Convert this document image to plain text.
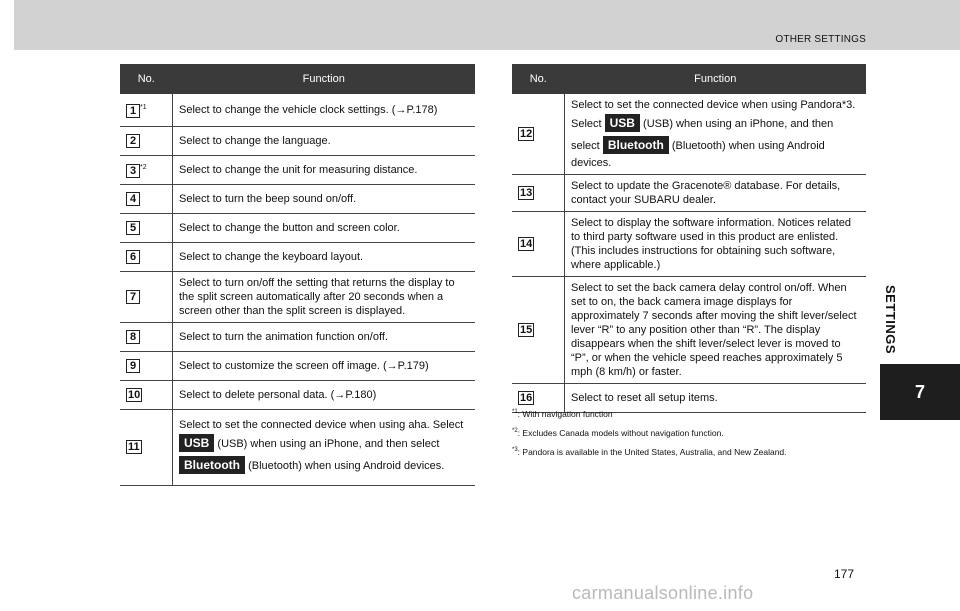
OTHER SETTINGS
SETTINGS
7
No.	Function
1 $^{*1}$	Select to change the vehicle clock settings. (→P.178)
2	Select to change the language.
3 $^{*2}$	Select to change the unit for measuring distance.
4	Select to turn the beep sound on/off.
5	Select to change the button and screen color.
6	Select to change the keyboard layout.
7	Select to turn on/off the setting that returns the display to the split screen automatically after 20 seconds when a screen other than the split screen is displayed.
8	Select to turn the animation function on/off.
9	Select to customize the screen off image. (→P.179)
10	Select to delete personal data. (→P.180)
11	Select to set the connected device when using aha. Select USB (USB) when using an iPhone, and then select Bluetooth (Bluetooth) when using Android devices.
No.	Function
12	Select to set the connected device when using Pandora*3. Select USB (USB) when using an iPhone, and then select Bluetooth (Bluetooth) when using Android devices.
13	Select to update the Gracenote® database. For details, contact your SUBARU dealer.
14	Select to display the software information. Notices related to third party software used in this product are enlisted. (This includes instructions for obtaining such software, where applicable.)
15	Select to set the back camera delay control on/off. When set to on, the back camera image displays for approximately 7 seconds after moving the shift lever/select lever “R” to any position other than “R”. The display disappears when the shift lever/select lever is moved to “P”, or when the vehicle speed reaches approximately 5 mph (8 km/h) or faster.
16	Select to reset all setup items.
$^{*1}$: With navigation function
$^{*2}$: Excludes Canada models without navigation function.
$^{*3}$: Pandora is available in the United States, Australia, and New Zealand.
177
carmanualsonline.info
